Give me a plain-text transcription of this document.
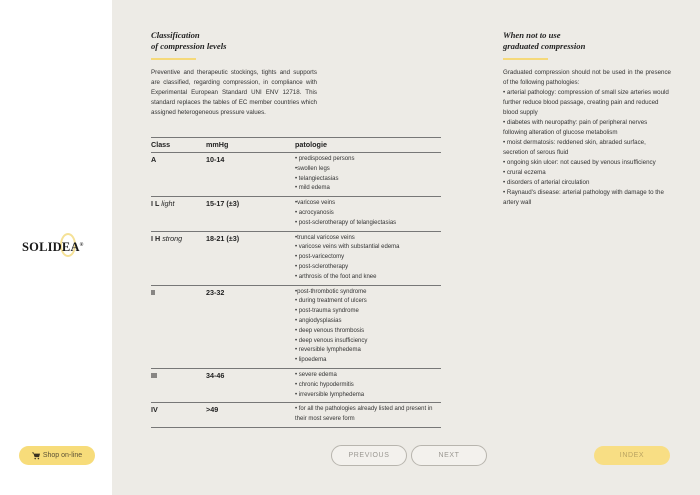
SOLIDEA®
Shop on-line
Classification
of compression levels

Preventive and therapeutic stockings, tights and supports are classified, regarding compression, in compliance with Experimental European Standard UNI ENV 12718. This standard replaces the tables of EC member countries which assigned heterogeneous pressure values.

Class	mmHg	patologie
A	10-14	• predisposed persons
•swollen legs
• telangiectasias
• mild edema
I L light	15-17 (±3)	•varicose veins
• acrocyanosis
• post-sclerotherapy of telangiectasias
I H strong	18-21 (±3)	•truncal varicose veins
• varicose veins with substantial edema
• post-varicectomy
• post-sclerotherapy
• arthrosis of the foot and knee
II	23-32	•post-thrombotic syndrome
• during treatment of ulcers
• post-trauma syndrome
• angiodysplasias
• deep venous thrombosis
• deep venous insufficiency
• reversible lymphedema
• lipoedema
III	34-46	• severe edema
• chronic hypodermitis
• irreversible lymphedema
IV	>49	• for all the pathologies already listed and present in their most severe form
When not to use
graduated compression

Graduated compression should not be used in the presence of the following pathologies:

• arterial pathology: compression of small size arteries would further reduce blood passage, creating pain and reduced blood supply
• diabetes with neuropathy: pain of peripheral nerves following alteration of glucose metabolism
• moist dermatosis: reddened skin, abraded surface, secretion of serous fluid
• ongoing skin ulcer: not caused by venous insufficiency
• crural eczema
• disorders of arterial circulation
• Raynaud's disease: arterial pathology with damage to the artery wall
PREVIOUS	NEXT	INDEX
